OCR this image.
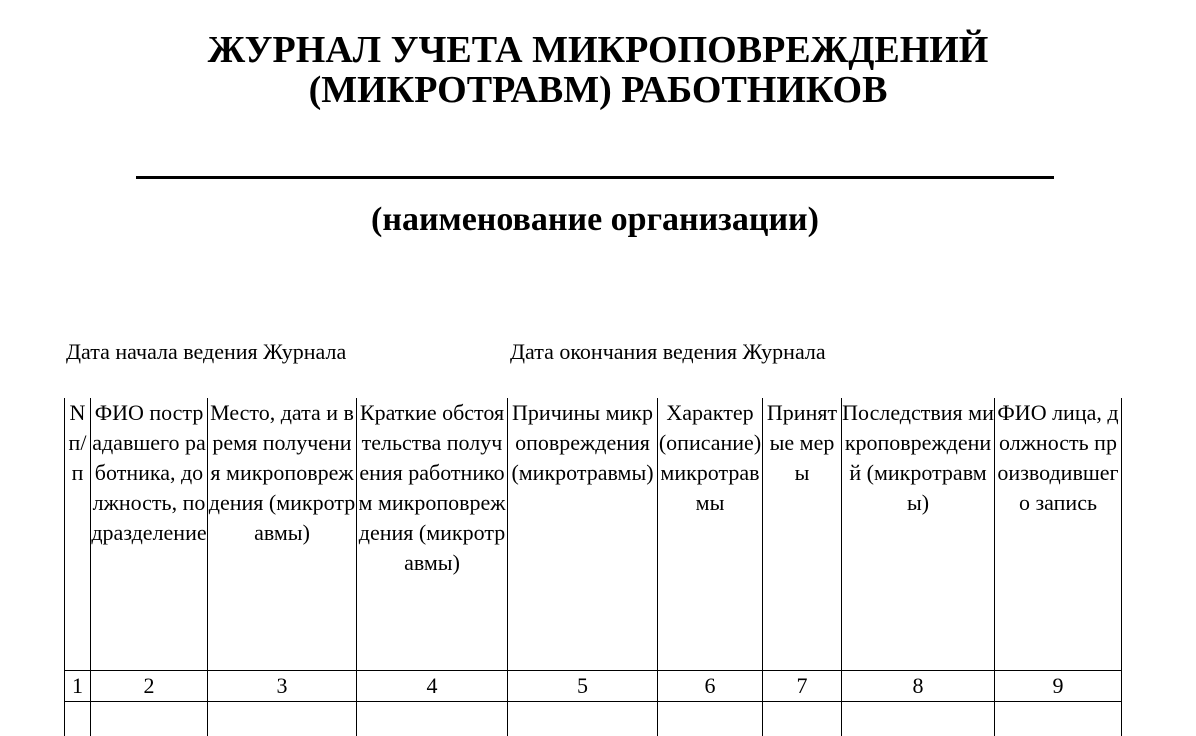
ЖУРНАЛ УЧЕТА МИКРОПОВРЕЖДЕНИЙ
(МИКРОТРАВМ) РАБОТНИКОВ
(наименование организации)
Дата начала ведения Журнала	Дата окончания ведения Журнала
N п/п	ФИО пострадавшего работника, должность, подразделение	Место, дата и время получения микроповреждения (микротравмы)	Краткие обстоятельства получения работником микроповреждения (микротравмы)	Причины микроповреждения (микротравмы)	Характер (описание) микротравмы	Принятые меры	Последствия микроповреждений (микротравмы)	ФИО лица, должность производившего запись
1	2	3	4	5	6	7	8	9
